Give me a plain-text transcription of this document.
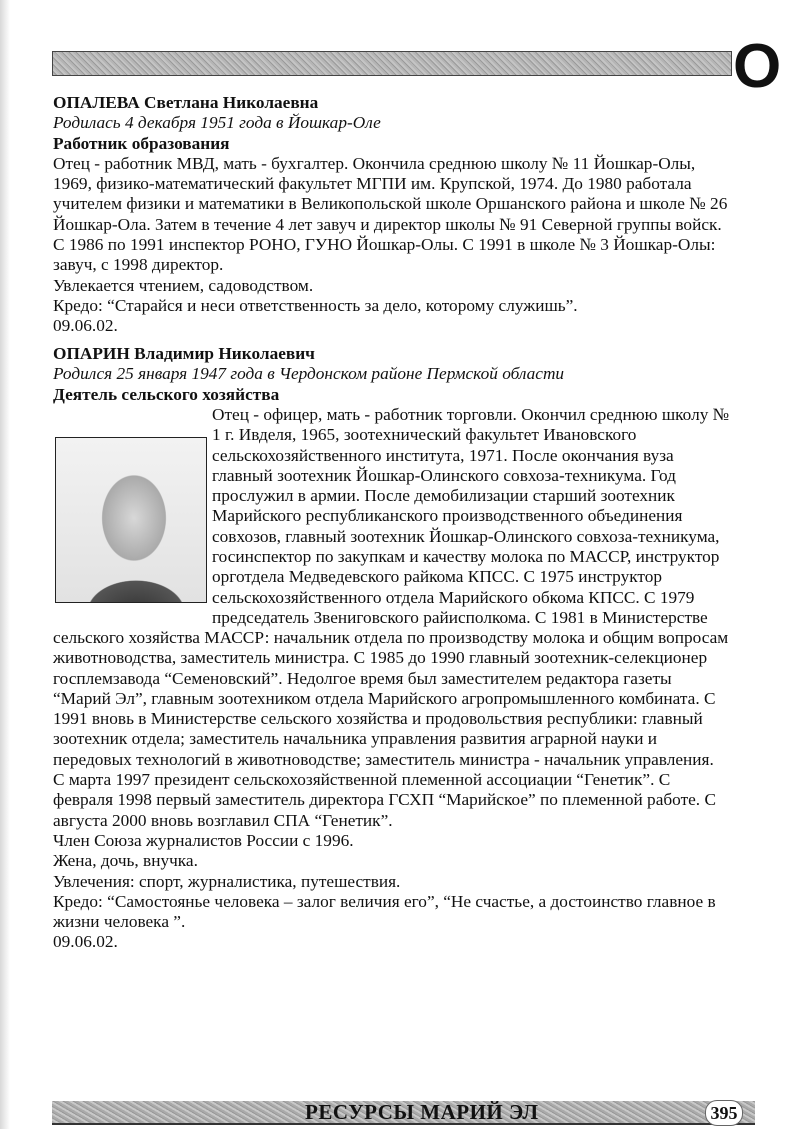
О
ОПАЛЕВА Светлана Николаевна
Родилась 4 декабря 1951 года в Йошкар-Оле
Работник образования
Отец - работник МВД, мать - бухгалтер. Окончила среднюю школу № 11 Йошкар-Олы,
1969, физико-математический факультет МГПИ им. Крупской, 1974. До 1980 работала
учителем физики и математики в Великопольской школе Оршанского района и школе № 26
Йошкар-Ола. Затем в течение 4 лет завуч и директор школы № 91 Северной группы войск.
С 1986 по 1991 инспектор РОНО, ГУНО Йошкар-Олы. С 1991 в школе № 3 Йошкар-Олы:
завуч, с 1998 директор.
Увлекается чтением, садоводством.
Кредо: “Старайся и неси ответственность за дело, которому служишь”.
09.06.02.
ОПАРИН Владимир Николаевич
Родился 25 января 1947 года в Чердонском районе Пермской области
Деятель сельского хозяйства
Отец - офицер, мать - работник торговли. Окончил среднюю школу №
1 г. Ивделя, 1965, зоотехнический факультет Ивановского
сельскохозяйственного института, 1971. После окончания вуза
главный зоотехник Йошкар-Олинского совхоза-техникума. Год
прослужил в армии. После демобилизации старший зоотехник
Марийского республиканского производственного объединения
совхозов, главный зоотехник Йошкар-Олинского совхоза-техникума,
госинспектор по закупкам и качеству молока по МАССР, инструктор
орготдела Медведевского райкома КПСС. С 1975 инструктор
сельскохозяйственного отдела Марийского обкома КПСС. С 1979
председатель Звениговского райисполкома. С 1981 в Министерстве
сельского хозяйства МАССР: начальник отдела по производству молока и общим вопросам
животноводства, заместитель министра. С 1985 до 1990 главный зоотехник-селекционер
госплемзавода “Семеновский”. Недолгое время был заместителем редактора газеты
“Марий Эл”, главным зоотехником отдела Марийского агропромышленного комбината. С
1991 вновь в Министерстве сельского хозяйства и продовольствия республики: главный
зоотехник отдела; заместитель начальника управления развития аграрной науки и
передовых технологий в животноводстве; заместитель министра - начальник управления.
С марта 1997 президент сельскохозяйственной племенной ассоциации “Генетик”. С
февраля 1998 первый заместитель директора ГСХП “Марийское” по племенной работе. С
августа 2000 вновь возглавил СПА “Генетик”.
Член Союза журналистов России с 1996.
Жена, дочь, внучка.
Увлечения: спорт, журналистика, путешествия.
Кредо: “Самостоянье человека – залог величия его”, “Не счастье, а достоинство главное в
жизни человека ”.
09.06.02.
РЕСУРСЫ МАРИЙ ЭЛ	395
